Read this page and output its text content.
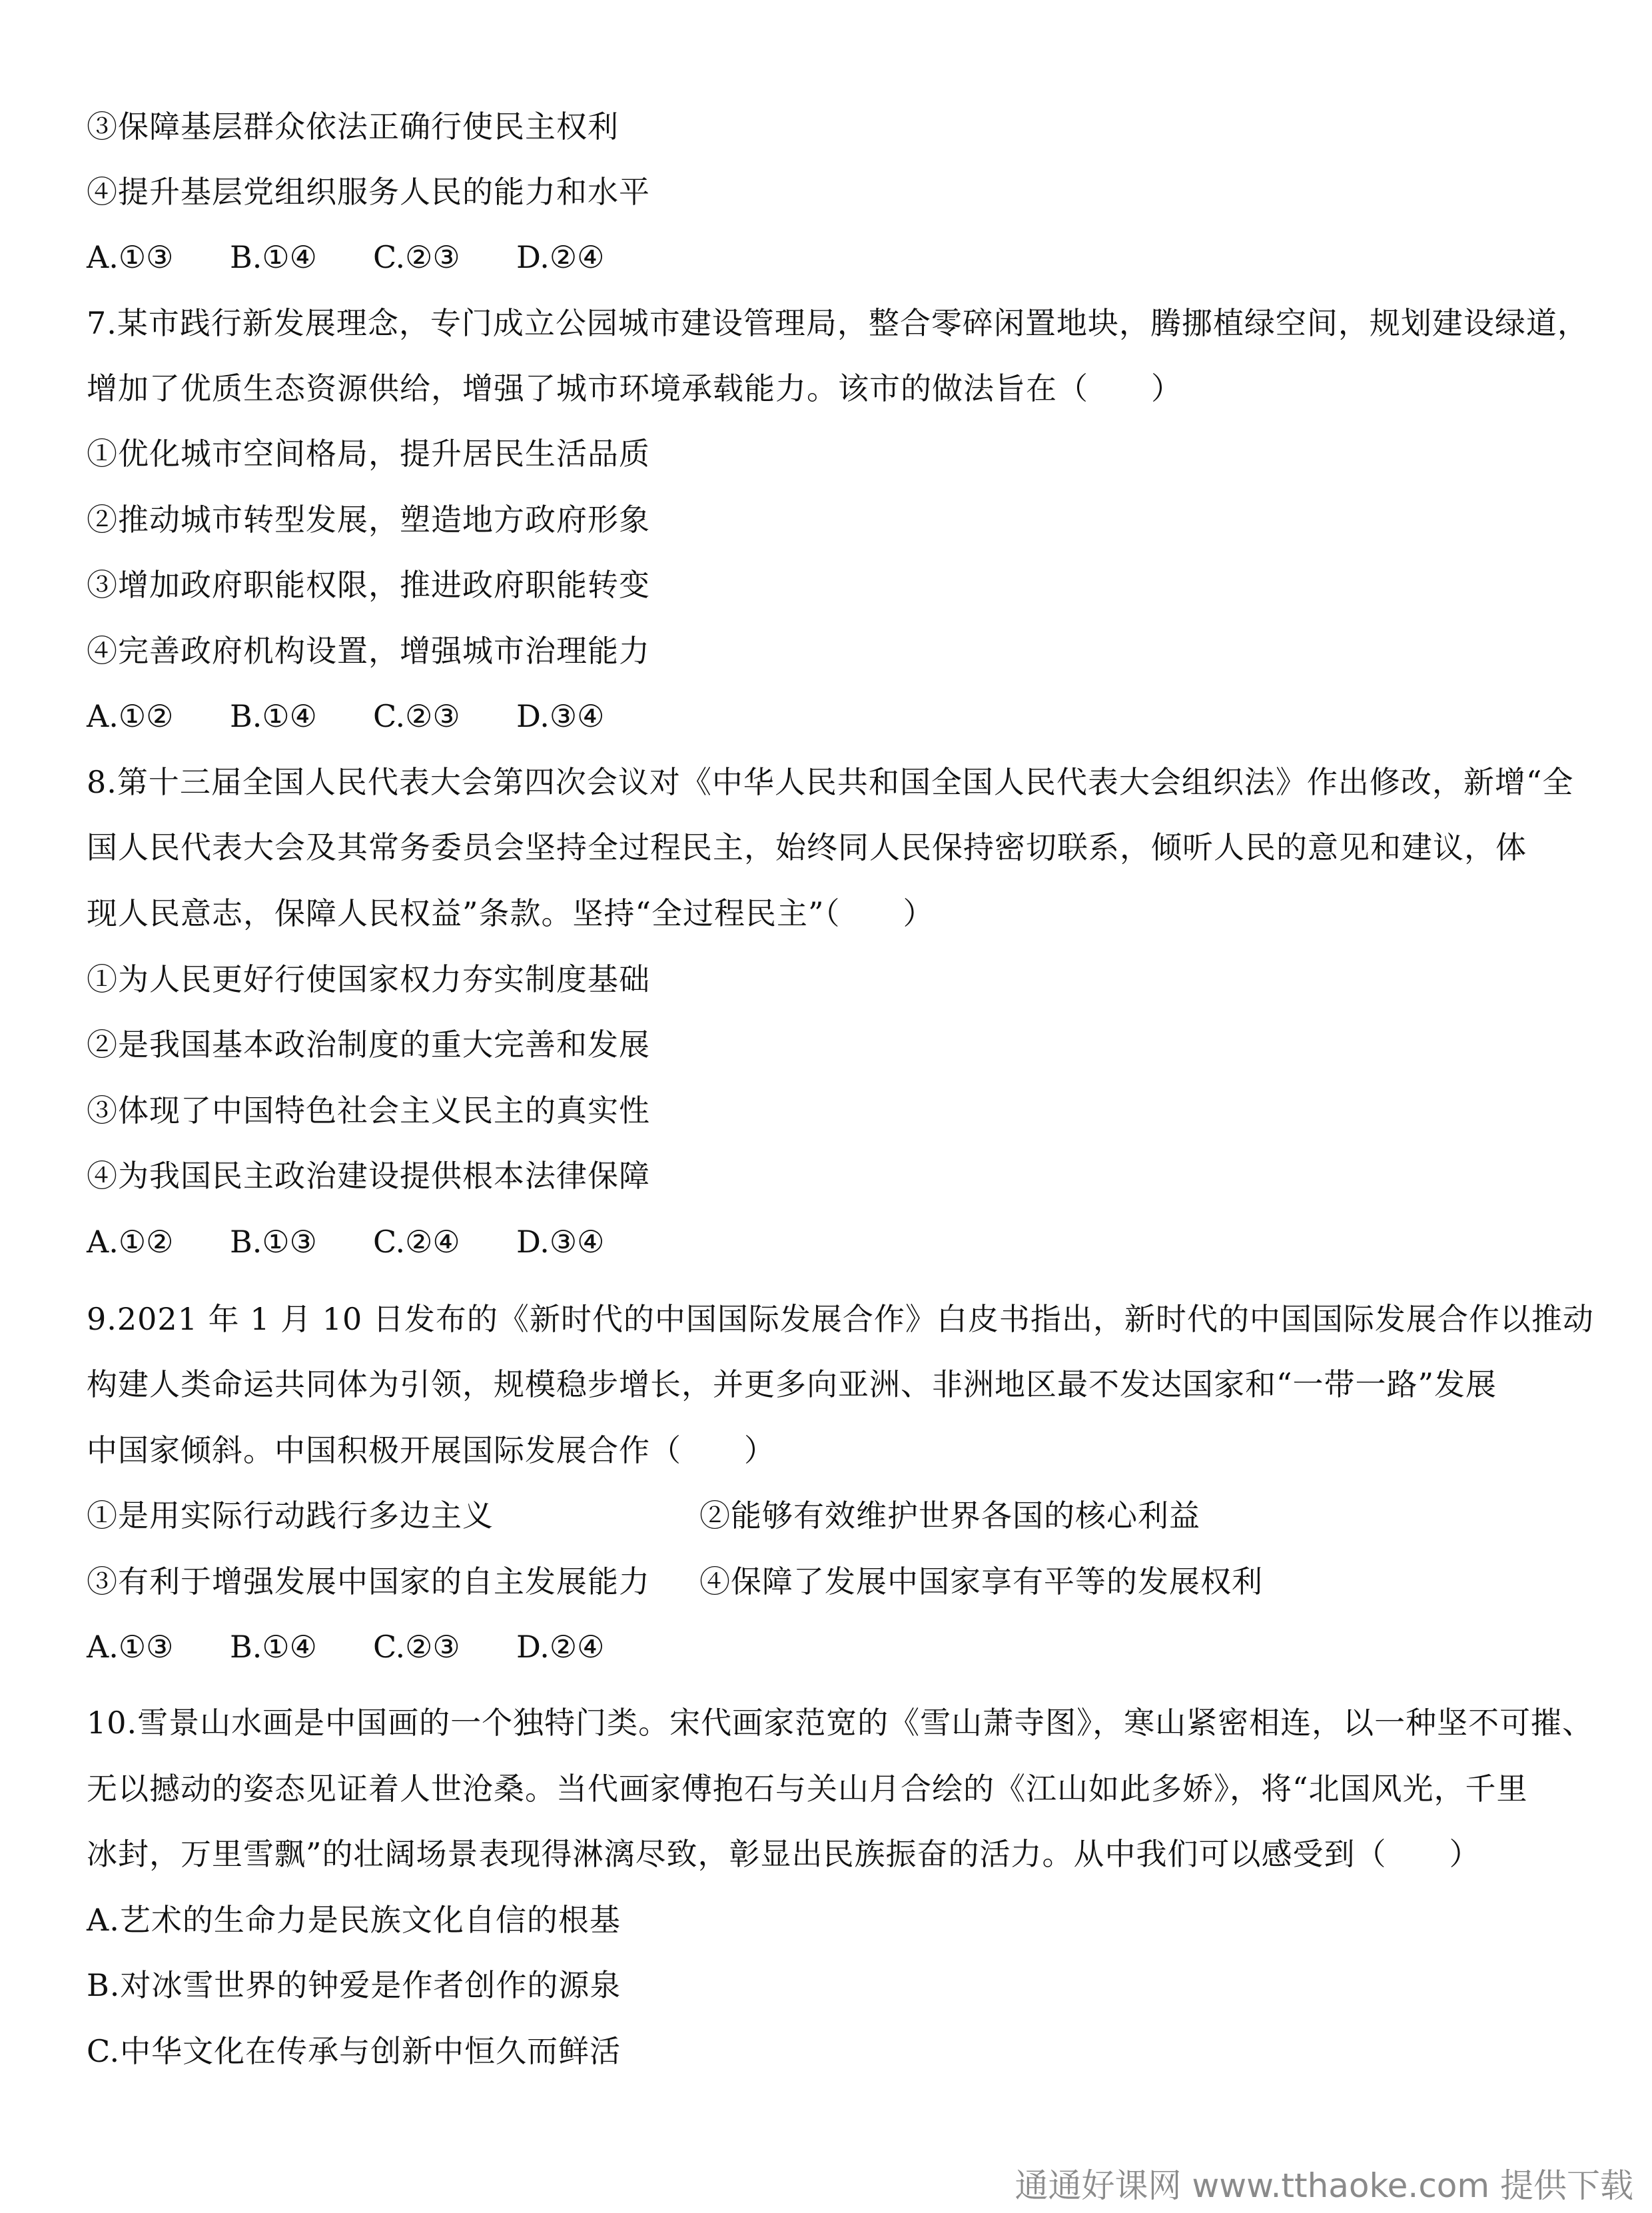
③保障基层群众依法正确行使民主权利
④提升基层党组织服务人民的能力和水平
A.①③ B.①④ C.②③ D.②④
7.某市践行新发展理念，专门成立公园城市建设管理局，整合零碎闲置地块，腾挪植绿空间，规划建设绿道，
增加了优质生态资源供给，增强了城市环境承载能力。该市的做法旨在（　　）
①优化城市空间格局，提升居民生活品质
②推动城市转型发展，塑造地方政府形象
③增加政府职能权限，推进政府职能转变
④完善政府机构设置，增强城市治理能力
A.①② B.①④ C.②③ D.③④
8.第十三届全国人民代表大会第四次会议对《中华人民共和国全国人民代表大会组织法》作出修改，新增“全
国人民代表大会及其常务委员会坚持全过程民主，始终同人民保持密切联系，倾听人民的意见和建议，体
现人民意志，保障人民权益”条款。坚持“全过程民主”（　　）
①为人民更好行使国家权力夯实制度基础
②是我国基本政治制度的重大完善和发展
③体现了中国特色社会主义民主的真实性
④为我国民主政治建设提供根本法律保障
A.①② B.①③ C.②④ D.③④
9.2021 年 1 月 10 日发布的《新时代的中国国际发展合作》白皮书指出，新时代的中国国际发展合作以推动
构建人类命运共同体为引领，规模稳步增长，并更多向亚洲、非洲地区最不发达国家和“一带一路”发展
中国家倾斜。中国积极开展国际发展合作（　　）
①是用实际行动践行多边主义	②能够有效维护世界各国的核心利益
③有利于增强发展中国家的自主发展能力 ④保障了发展中国家享有平等的发展权利
A.①③ B.①④ C.②③ D.②④
10.雪景山水画是中国画的一个独特门类。宋代画家范宽的《雪山萧寺图》，寒山紧密相连，以一种坚不可摧、
无以撼动的姿态见证着人世沧桑。当代画家傅抱石与关山月合绘的《江山如此多娇》，将“北国风光，千里
冰封，万里雪飘”的壮阔场景表现得淋漓尽致，彰显出民族振奋的活力。从中我们可以感受到（　　）
A.艺术的生命力是民族文化自信的根基
B.对冰雪世界的钟爱是作者创作的源泉
C.中华文化在传承与创新中恒久而鲜活
通通好课网 www.tthaoke.com 提供下载
